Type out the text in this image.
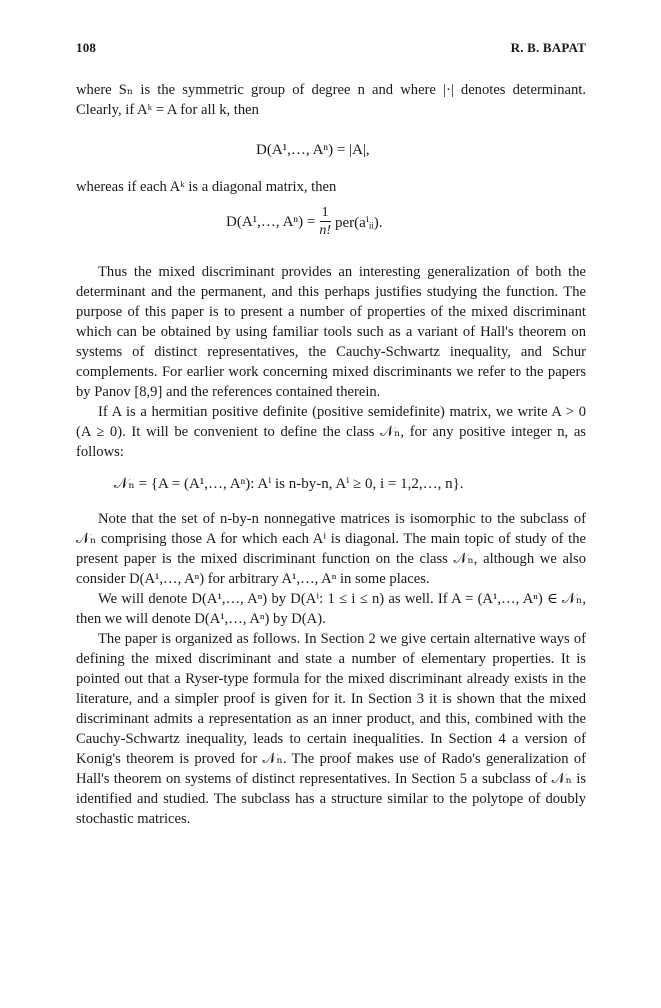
108	R. B. BAPAT

where Sₙ is the symmetric group of degree n and where |·| denotes determinant. Clearly, if Aᵏ = A for all k, then

D(A¹,…, Aⁿ) = |A|,

whereas if each Aᵏ is a diagonal matrix, then

D(A¹,…, $A^n) = \frac{1}{n!}$ per(aⁱᵢᵢ).

Thus the mixed discriminant provides an interesting generalization of both the determinant and the permanent, and this perhaps justifies studying the function. The purpose of this paper is to present a number of properties of the mixed discriminant which can be obtained by using familiar tools such as a variant of Hall's theorem on systems of distinct representatives, the Cauchy-Schwartz inequality, and Schur complements. For earlier work concerning mixed discriminants we refer to the papers by Panov [8,9] and the references contained therein.

If A is a hermitian positive definite (positive semidefinite) matrix, we write A > 0 (A ≥ 0). It will be convenient to define the class 𝒩ₙ, for any positive integer n, as follows:

𝒩ₙ = {A = (A¹,…, Aⁿ): Aⁱ is n-by-n, Aⁱ ≥ 0, i = 1,2,…, n}.

Note that the set of n-by-n nonnegative matrices is isomorphic to the subclass of 𝒩ₙ comprising those A for which each Aⁱ is diagonal. The main topic of study of the present paper is the mixed discriminant function on the class 𝒩ₙ, although we also consider D(A¹,…, Aⁿ) for arbitrary A¹,…, Aⁿ in some places.

We will denote D(A¹,…, Aⁿ) by D(Aⁱ: 1 ≤ i ≤ n) as well. If A = (A¹,…, Aⁿ) ∈ 𝒩ₙ, then we will denote D(A¹,…, Aⁿ) by D(A).

The paper is organized as follows. In Section 2 we give certain alternative ways of defining the mixed discriminant and state a number of elementary properties. It is pointed out that a Ryser-type formula for the mixed discriminant already exists in the literature, and a simpler proof is given for it. In Section 3 it is shown that the mixed discriminant admits a representation as an inner product, and this, combined with the Cauchy-Schwartz inequality, leads to certain inequalities. In Section 4 a version of Konig's theorem is proved for 𝒩ₙ. The proof makes use of Rado's generalization of Hall's theorem on systems of distinct representatives. In Section 5 a subclass of 𝒩ₙ is identified and studied. The subclass has a structure similar to the polytope of doubly stochastic matrices.
